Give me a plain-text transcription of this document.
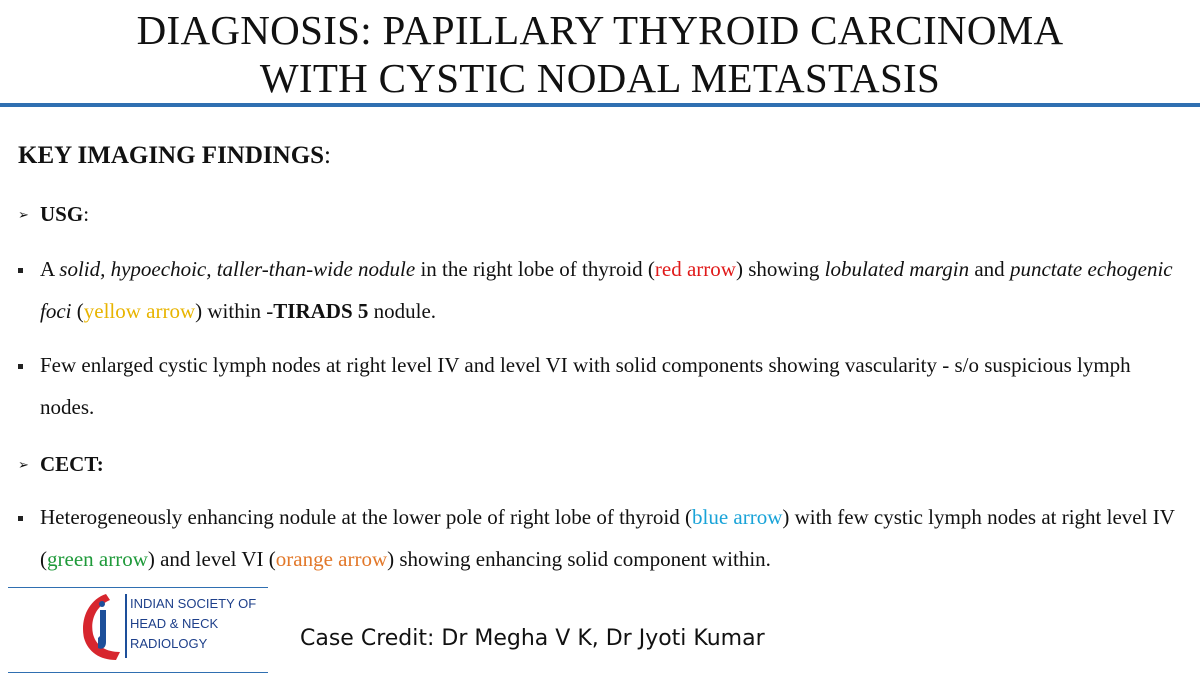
DIAGNOSIS: PAPILLARY THYROID CARCINOMA
WITH CYSTIC NODAL METASTASIS
KEY IMAGING FINDINGS:
➢ USG:
A solid, hypoechoic, taller-than-wide nodule in the right lobe of thyroid (red arrow) showing lobulated margin and punctate echogenic foci (yellow arrow) within -TIRADS 5 nodule.
Few enlarged cystic lymph nodes at right level IV and level VI with solid components showing vascularity - s/o suspicious lymph nodes.
➢ CECT:
Heterogeneously enhancing nodule at the lower pole of right lobe of thyroid (blue arrow) with few cystic lymph nodes at right level IV (green arrow) and level VI (orange arrow) showing enhancing solid component within.
INDIAN SOCIETY OF
HEAD & NECK
RADIOLOGY	Case Credit: Dr Megha V K, Dr Jyoti Kumar
